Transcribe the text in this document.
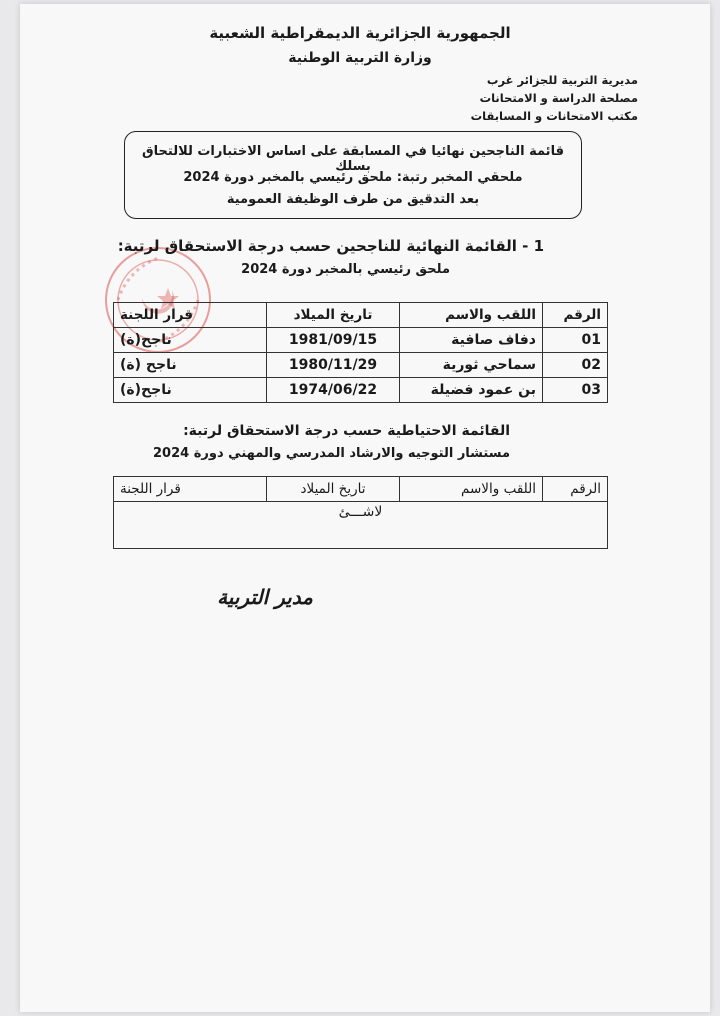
الجمهورية الجزائرية الديمقراطية الشعبية
وزارة التربية الوطنية
مديرية التربية للجزائر غرب
مصلحة الدراسة و الامتحانات
مكتب الامتحانات و المسابقات
قائمة الناجحين نهائيا في المسابقة على اساس الاختبارات للالتحاق بسلك
ملحقي المخبر رتبة: ملحق رئيسي بالمخبر دورة 2024
بعد التدقيق من طرف الوظيفة العمومية
1 - القائمة النهائية للناجحين حسب درجة الاستحقاق لرتبة:
ملحق رئيسي بالمخبر دورة 2024
الرقم	اللقب والاسم	تاريخ الميلاد	قرار اللجنة
01	دفاف صافية	1981/09/15	ناجح(ة)
02	سماحي ثورية	1980/11/29	ناجح (ة)
03	بن عمود فضيلة	1974/06/22	ناجح(ة)
القائمة الاحتياطية حسب درجة الاستحقاق لرتبة:
مستشار التوجيه والارشاد المدرسي والمهني دورة 2024
الرقم	اللقب والاسم	تاريخ الميلاد	قرار اللجنة
لاشـــئ
مدير التربية
